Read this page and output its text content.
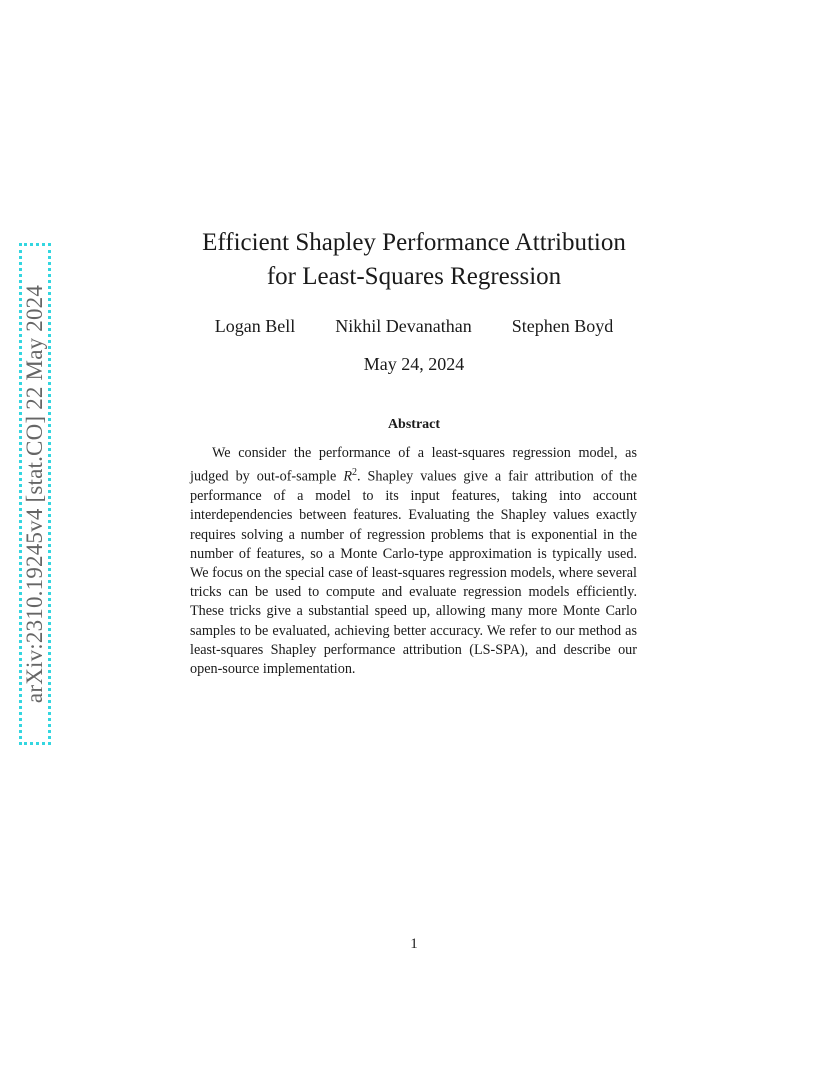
arXiv:2310.19245v4 [stat.CO] 22 May 2024
Efficient Shapley Performance Attribution
for Least-Squares Regression
Logan Bell Nikhil Devanathan Stephen Boyd
May 24, 2024
Abstract

We consider the performance of a least-squares regression model, as judged by out-of-sample $R^2$. Shapley values give a fair attribution of the performance of a model to its input features, taking into account interdependencies between features. Evaluating the Shapley values exactly requires solving a number of regression problems that is exponential in the number of features, so a Monte Carlo-type approximation is typically used. We focus on the special case of least-squares regression models, where several tricks can be used to compute and evaluate regression models efficiently. These tricks give a substantial speed up, allowing many more Monte Carlo samples to be evaluated, achieving better accuracy. We refer to our method as least-squares Shapley performance attribution (LS-SPA), and describe our open-source implementation.

1
